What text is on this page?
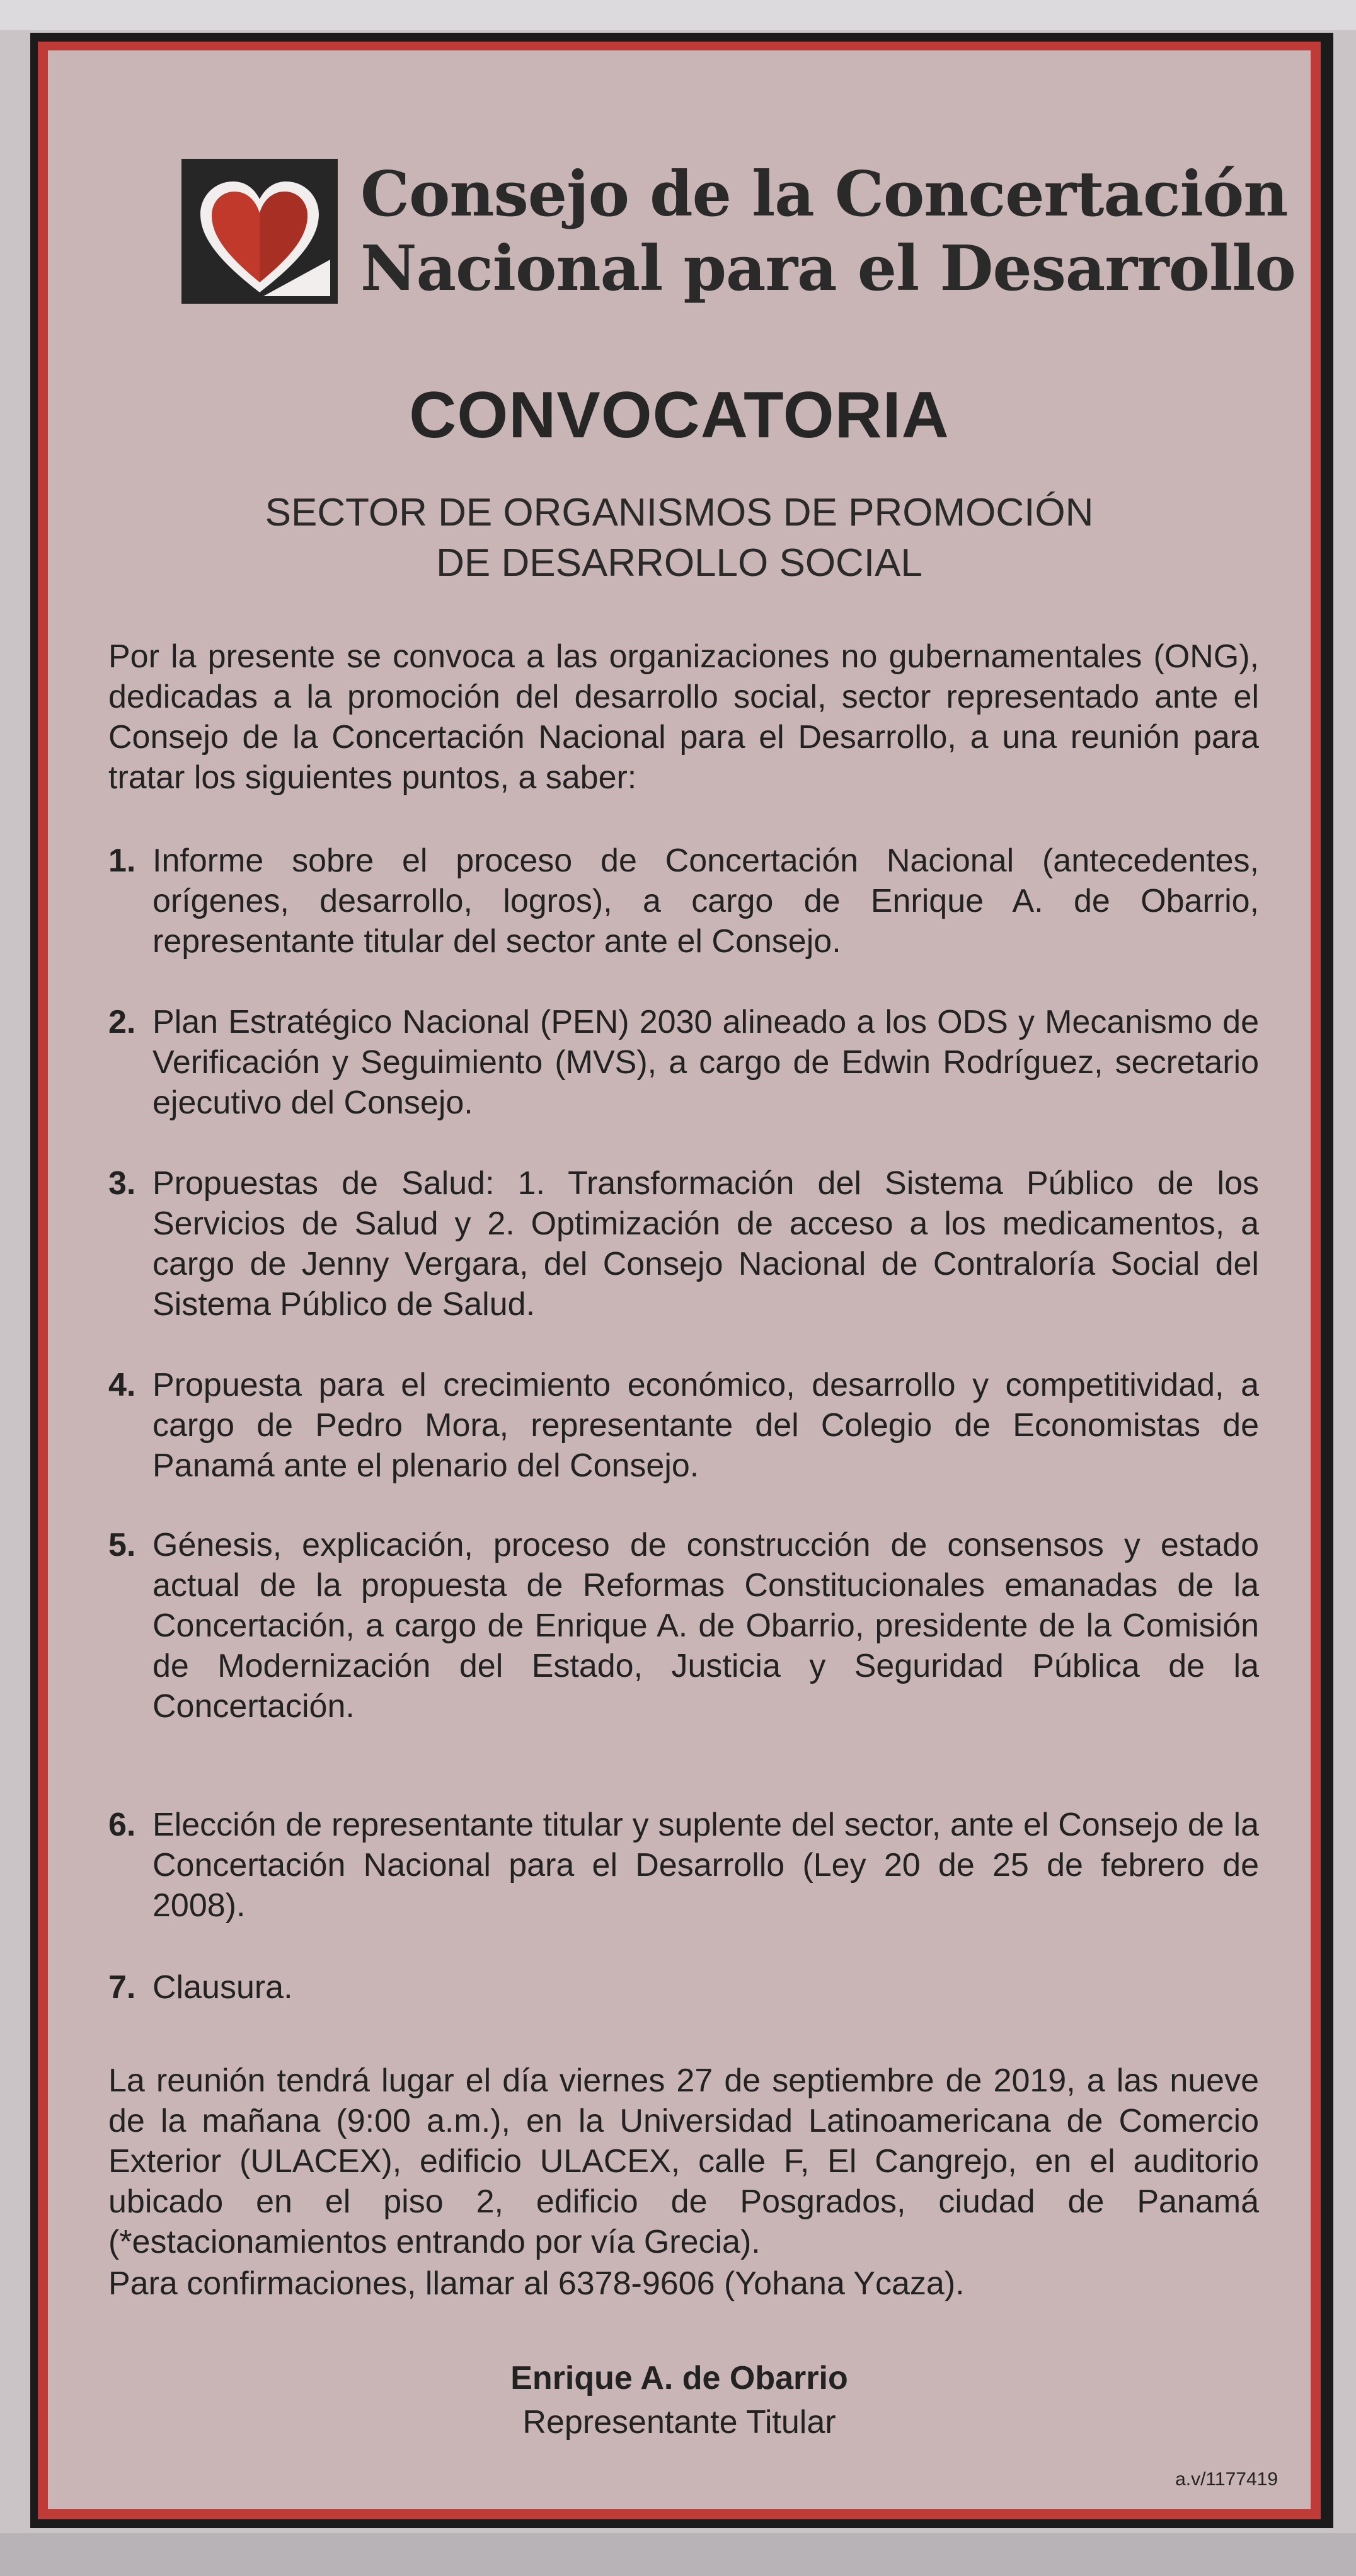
Consejo de la Concertación
Nacional para el Desarrollo
CONVOCATORIA
SECTOR DE ORGANISMOS DE PROMOCIÓN
DE DESARROLLO SOCIAL
Por la presente se convoca a las organizaciones no gubernamentales (ONG), dedicadas a la promoción del desarrollo social, sector representado ante el Consejo de la Concertación Nacional para el Desarrollo, a una reunión para tratar los siguientes puntos, a saber:
1. Informe sobre el proceso de Concertación Nacional (antecedentes, orígenes, desarrollo, logros), a cargo de Enrique A. de Obarrio, representante titular del sector ante el Consejo.
2. Plan Estratégico Nacional (PEN) 2030 alineado a los ODS y Mecanismo de Verificación y Seguimiento (MVS), a cargo de Edwin Rodríguez, secretario ejecutivo del Consejo.
3. Propuestas de Salud: 1. Transformación del Sistema Público de los Servicios de Salud y 2. Optimización de acceso a los medicamentos, a cargo de Jenny Vergara, del Consejo Nacional de Contraloría Social del Sistema Público de Salud.
4. Propuesta para el crecimiento económico, desarrollo y competitividad, a cargo de Pedro Mora, representante del Colegio de Economistas de Panamá ante el plenario del Consejo.
5. Génesis, explicación, proceso de construcción de consensos y estado actual de la propuesta de Reformas Constitucionales emanadas de la Concertación, a cargo de Enrique A. de Obarrio, presidente de la Comisión de Modernización del Estado, Justicia y Seguridad Pública de la Concertación.
6. Elección de representante titular y suplente del sector, ante el Consejo de la Concertación Nacional para el Desarrollo (Ley 20 de 25 de febrero de 2008).
7. Clausura.
La reunión tendrá lugar el día viernes 27 de septiembre de 2019, a las nueve de la mañana (9:00 a.m.), en la Universidad Latinoamericana de Comercio Exterior (ULACEX), edificio ULACEX, calle F, El Cangrejo, en el auditorio ubicado en el piso 2, edificio de Posgrados, ciudad de Panamá (*estacionamientos entrando por vía Grecia).
Para confirmaciones, llamar al 6378-9606 (Yohana Ycaza).
Enrique A. de Obarrio
Representante Titular
a.v/1177419
